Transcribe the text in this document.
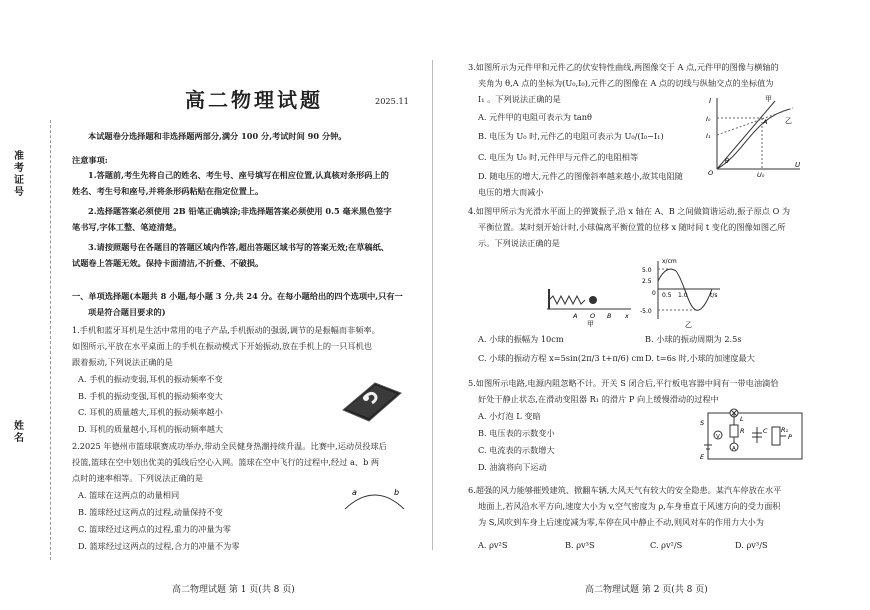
准考证号
姓名
高二物理试题	2025.11
本试题卷分选择题和非选择题两部分,满分 100 分,考试时间 90 分钟。
注意事项:
1.答题前,考生先将自己的姓名、考生号、座号填写在相应位置,认真核对条形码上的
姓名、考生号和座号,并将条形码粘贴在指定位置上。
2.选择题答案必须使用 2B 铅笔正确填涂;非选择题答案必须使用 0.5 毫米黑色签字
笔书写,字体工整、笔迹清楚。
3.请按照题号在各题目的答题区域内作答,超出答题区域书写的答案无效;在草稿纸、
试题卷上答题无效。保持卡面清洁,不折叠、不破损。
一、单项选择题(本题共 8 小题,每小题 3 分,共 24 分。在每小题给出的四个选项中,只有一
项是符合题目要求的)
1.手机和蓝牙耳机是生活中常用的电子产品,手机振动的强弱,调节的是振幅而非频率。
如图所示,平放在水平桌面上的手机在振动模式下开始振动,放在手机上的一只耳机也
跟着振动,下列说法正确的是
A. 手机的振动变弱,耳机的振动频率不变
B. 手机的振动变强,耳机的振动频率变大
C. 耳机的质量越大,耳机的振动频率越小
D. 耳机的质量越小,耳机的振动频率越大
2.2025 年德州市篮球联赛成功举办,带动全民健身热潮持续升温。比赛中,运动员投球后
投篮,篮球在空中划出优美的弧线后空心入网。篮球在空中飞行的过程中,经过 a、b 两
点时的速率相等。下列说法正确的是
A. 篮球在这两点的动量相同
B. 篮球经过这两点的过程,动量保持不变
C. 篮球经过这两点的过程,重力的冲量为零
D. 篮球经过这两点的过程,合力的冲量不为零
a	b
高二物理试题 第 1 页(共 8 页)
3.如图所示为元件甲和元件乙的伏安特性曲线,两图像交于 A 点,元件甲的图像与横轴的
夹角为 θ,A 点的坐标为(U₀,I₀),元件乙的图像在 A 点的切线与纵轴交点的坐标值为
I₁ 。下列说法正确的是
A. 元件甲的电阻可表示为 tanθ
B. 电压为 U₀ 时,元件乙的电阻可表示为 U₀/(I₀−I₁)
C. 电压为 U₀ 时,元件甲与元件乙的电阻相等
D. 随电压的增大,元件乙的图像斜率越来越小,故其电阻随
电压的增大而减小
I
U
甲
乙
I₀
I₁
U₀
A
O
θ
4.如图甲所示为光滑水平面上的弹簧振子,沿 x 轴在 A、B 之间做简谐运动,振子原点 O 为
平衡位置。某时刻开始计时,小球偏离平衡位置的位移 x 随时间 t 变化的图像如图乙所
示。下列说法正确的是
A O B x
甲
x/cm
t/s
5.0
2.5
-5.0
0 0.5 1.0
乙
A. 小球的振幅为 10cm	B. 小球的振动周期为 2.5s
C. 小球的振动方程 x=5sin(2π/3 t+π/6) cm D. t=6s 时,小球的加速度最大
5.如图所示电路,电源内阻忽略不计。开关 S 闭合后,平行板电容器中间有一带电油滴恰
好处于静止状态,在滑动变阻器 R₁ 的滑片 P 向上缓慢滑动的过程中
A. 小灯泡 L 变暗
B. 电压表的示数变小
C. 电流表的示数增大
D. 油滴将向下运动
S
E
L
R
V
A
C R₁
P
6.超强的风力能够摧毁建筑、掀翻车辆,大风天气有较大的安全隐患。某汽车停放在水平
地面上,若风沿水平方向,速度大小为 v,空气密度为 ρ,车身垂直于风速方向的受力面积
为 S,风吹到车身上后速度减为零,车停在风中静止不动,则风对车的作用力大小为
A. ρv²S	B. ρv³S	C. ρv²/S	D. ρv³/S
高二物理试题 第 2 页(共 8 页)
